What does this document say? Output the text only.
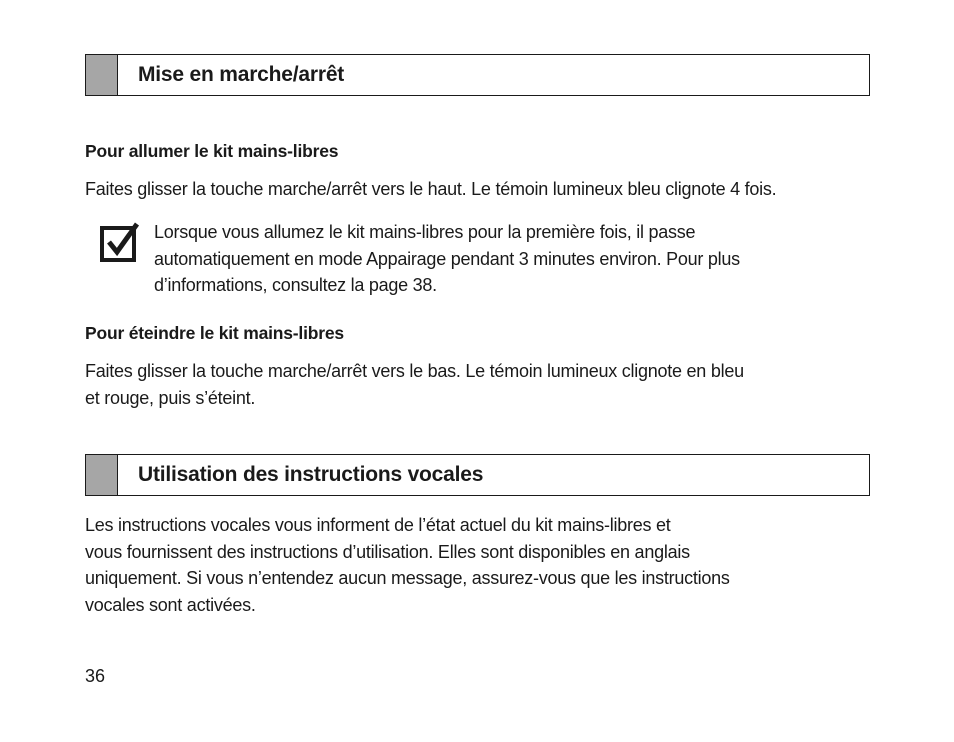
Mise en marche/arrêt

Pour allumer le kit mains-libres

Faites glisser la touche marche/arrêt vers le haut. Le témoin lumineux bleu clignote 4 fois.

Lorsque vous allumez le kit mains-libres pour la première fois, il passe
automatiquement en mode Appairage pendant 3 minutes environ. Pour plus
d’informations, consultez la page 38.

Pour éteindre le kit mains-libres

Faites glisser la touche marche/arrêt vers le bas. Le témoin lumineux clignote en bleu
et rouge, puis s’éteint.

Utilisation des instructions vocales

Les instructions vocales vous informent de l’état actuel du kit mains-libres et
vous fournissent des instructions d’utilisation. Elles sont disponibles en anglais
uniquement. Si vous n’entendez aucun message, assurez-vous que les instructions
vocales sont activées.

36
